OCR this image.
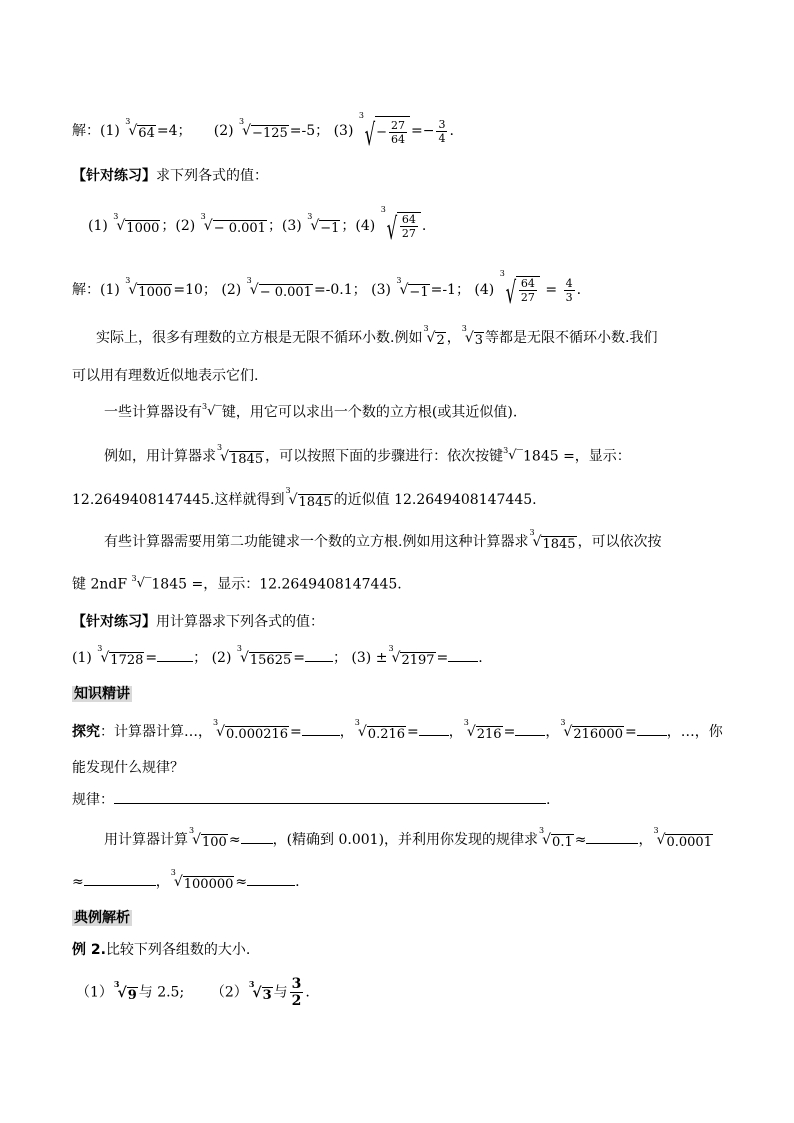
解：(1)
3
√ 64 =4； (2)
3
√ −125 =-5； (3)
3
√ − $\frac{27}{64} =- \frac{3}{4}$ .
【针对练习】求下列各式的值：
(1)
3
√ 1000 ；(2)
3
√ − 0.001 ；(3)
3
√ −1 ；(4)
3
√ $\frac{64}{27}$ .
解：(1)
3
√ 1000 =10； (2)
3
√ − 0.001 =-0.1； (3)
3
√ −1 =-1； (4)
3
√ $\frac{64}{27} = \frac{4}{3}$ .
实际上，很多有理数的立方根是无限不循环小数.例如
3
√ 2 ，
3
√ 3 等都是无限不循环小数.我们
可以用有理数近似地表示它们.
一些计算器设有$^3$√‾键，用它可以求出一个数的立方根(或其近似值).
例如，用计算器求
3
√ 1845 ，可以按照下面的步骤进行：依次按键$^3$√‾1845 =，显示：
12.2649408147445.这样就得到
3
√ 1845 的近似值 12.2649408147445.
有些计算器需要用第二功能键求一个数的立方根.例如用这种计算器求
3
√ 1845 ，可以依次按
键 2ndF $^3$√‾1845 =，显示：12.2649408147445.
【针对练习】用计算器求下列各式的值：
(1)
3
√ 1728 =	； (2)
3
√ 15625 = ； (3) ±
3
√ 2197 = .
知识精讲
探究：计算器计算…，
3
√ 0.000216 =	，
3
√ 0.216 = ，
3
√ 216 = ，
3
√ 216000 = ，…，你
能发现什么规律？
规律：	.
用计算器计算
3
√ 100 ≈ ，(精确到 0.001)，并利用你发现的规律求
3
√ 0.1 ≈	，
3
√ 0.0001
≈	，
3
√ 100000 ≈	.
典例解析
例 2.比较下列各组数的大小.
（1）
3
√ 9 与 2.5; （2）
3
√ 3 与 $\frac{3}{2}$ .
